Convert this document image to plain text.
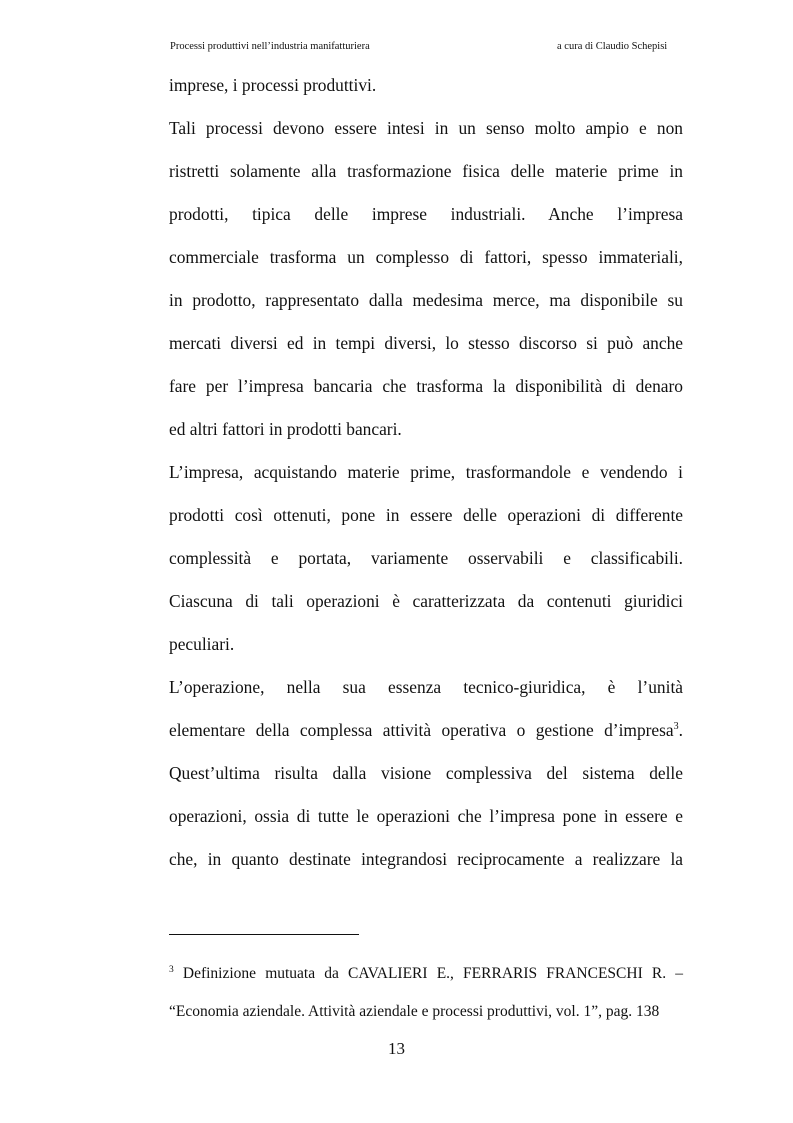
Processi produttivi nell’industria manifatturiera	a cura di Claudio Schepisi
imprese, i processi produttivi.
Tali processi devono essere intesi in un senso molto ampio e non
ristretti solamente alla trasformazione fisica delle materie prime in
prodotti, tipica delle imprese industriali. Anche l’impresa
commerciale trasforma un complesso di fattori, spesso immateriali,
in prodotto, rappresentato dalla medesima merce, ma disponibile su
mercati diversi ed in tempi diversi, lo stesso discorso si può anche
fare per l’impresa bancaria che trasforma la disponibilità di denaro
ed altri fattori in prodotti bancari.
L’impresa, acquistando materie prime, trasformandole e vendendo i
prodotti così ottenuti, pone in essere delle operazioni di differente
complessità e portata, variamente osservabili e classificabili.
Ciascuna di tali operazioni è caratterizzata da contenuti giuridici
peculiari.
L’operazione, nella sua essenza tecnico-giuridica, è l’unità
elementare della complessa attività operativa o gestione d’impresa$^3$.
Quest’ultima risulta dalla visione complessiva del sistema delle
operazioni, ossia di tutte le operazioni che l’impresa pone in essere e
che, in quanto destinate integrandosi reciprocamente a realizzare la
$^3$ Definizione mutuata da CAVALIERI E., FERRARIS FRANCESCHI R. –
“Economia aziendale. Attività aziendale e processi produttivi, vol. 1”, pag. 138
13
